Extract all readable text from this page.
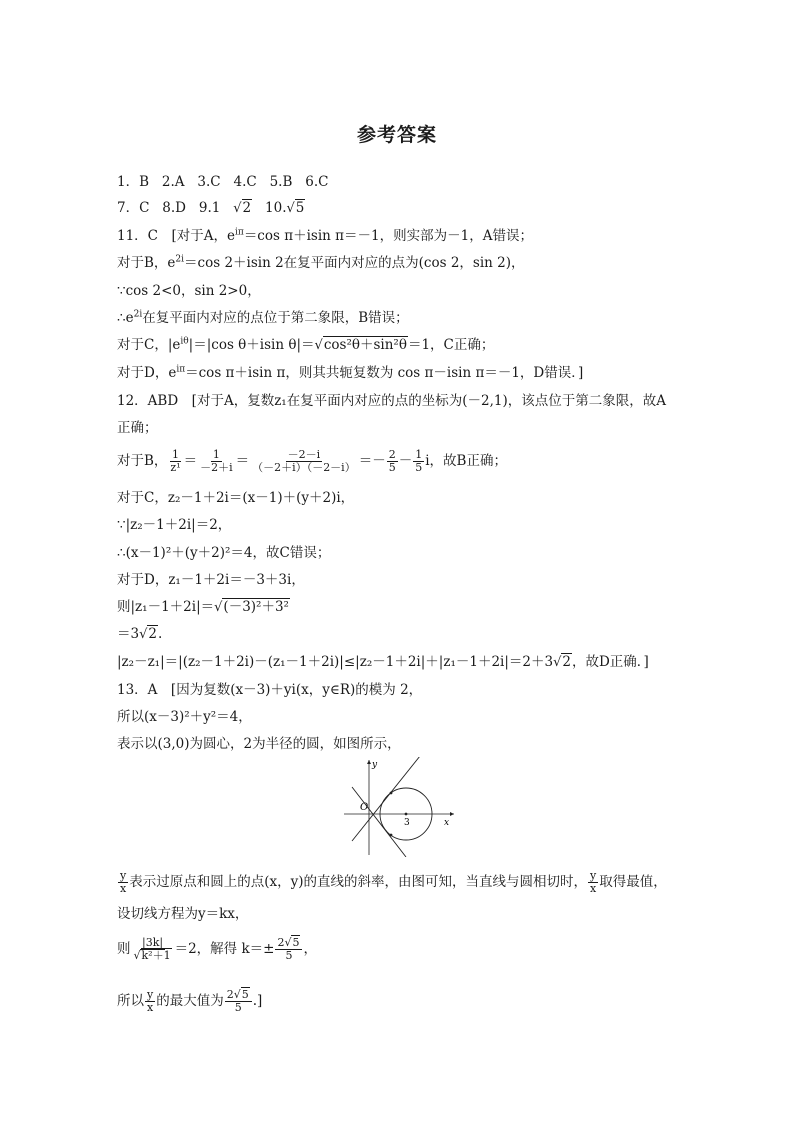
参考答案
1．B 2.A 3.C 4.C 5.B 6.C
7．C 8.D 9.1 √2 10.√5
11．C　[对于A，$e^{i\pi}=\cos$ π＋isin π＝－1，则实部为－1，A错误；
对于B，$e^{2i}=\cos$ 2＋isin 2在复平面内对应的点为(cos 2，sin 2)，
∵cos 2<0，sin 2>0，
$\therefore e^{2i}$在复平面内对应的点位于第二象限，B错误；
对于C，$|e^{i\theta}|=|\cos$ θ＋isin θ|＝√cos²θ＋sin²θ＝1，C正确；
对于D，$e^{i\pi}=\cos$ π＋isin π，则其共轭复数为 cos π－isin π＝－1，D错误．]
12．ABD　[对于A，复数z₁在复平面内对应的点的坐标为(－2,1)，该点位于第二象限，故A
正确；
对于B， $\frac{1}{\text{z¹}} = \frac{1}{-2+i} = \frac{-2-i}{(-2+i)(-2-i)} =- \frac{2}{5} - \frac{1}{5}$ i，故B正确；
对于C，z₂－1＋2i＝(x－1)＋(y＋2)i，
∵|z₂－1＋2i|＝2，
∴(x－1)²＋(y＋2)²＝4，故C错误；
对于D，z₁－1＋2i＝－3＋3i，
则|z₁－1＋2i|＝√(－3)²＋3²
＝3√2.
|z₂－z₁|＝|(z₂－1＋2i)－(z₁－1＋2i)|≤|z₂－1＋2i|＋|z₁－1＋2i|＝2＋3√2，故D正确．]
13．A　[因为复数(x－3)＋yi(x，y∈R)的模为 2，
所以(x－3)²＋y²＝4，
表示以(3,0)为圆心，2为半径的圆，如图所示，
y
x
O
3
$\frac{y}{x}$ 表示过原点和圆上的点(x，y)的直线的斜率，由图可知，当直线与圆相切时， $\frac{y}{x}$ 取得最值，
设切线方程为y＝kx，
则 $\frac{|3k|}{\text{√k²＋1}} =2$，解得 $k=\pm \frac{2√5}{5}$ ，
所以 $\frac{y}{x}$ 的最大值为 $\frac{2√5}{5}$ .]
